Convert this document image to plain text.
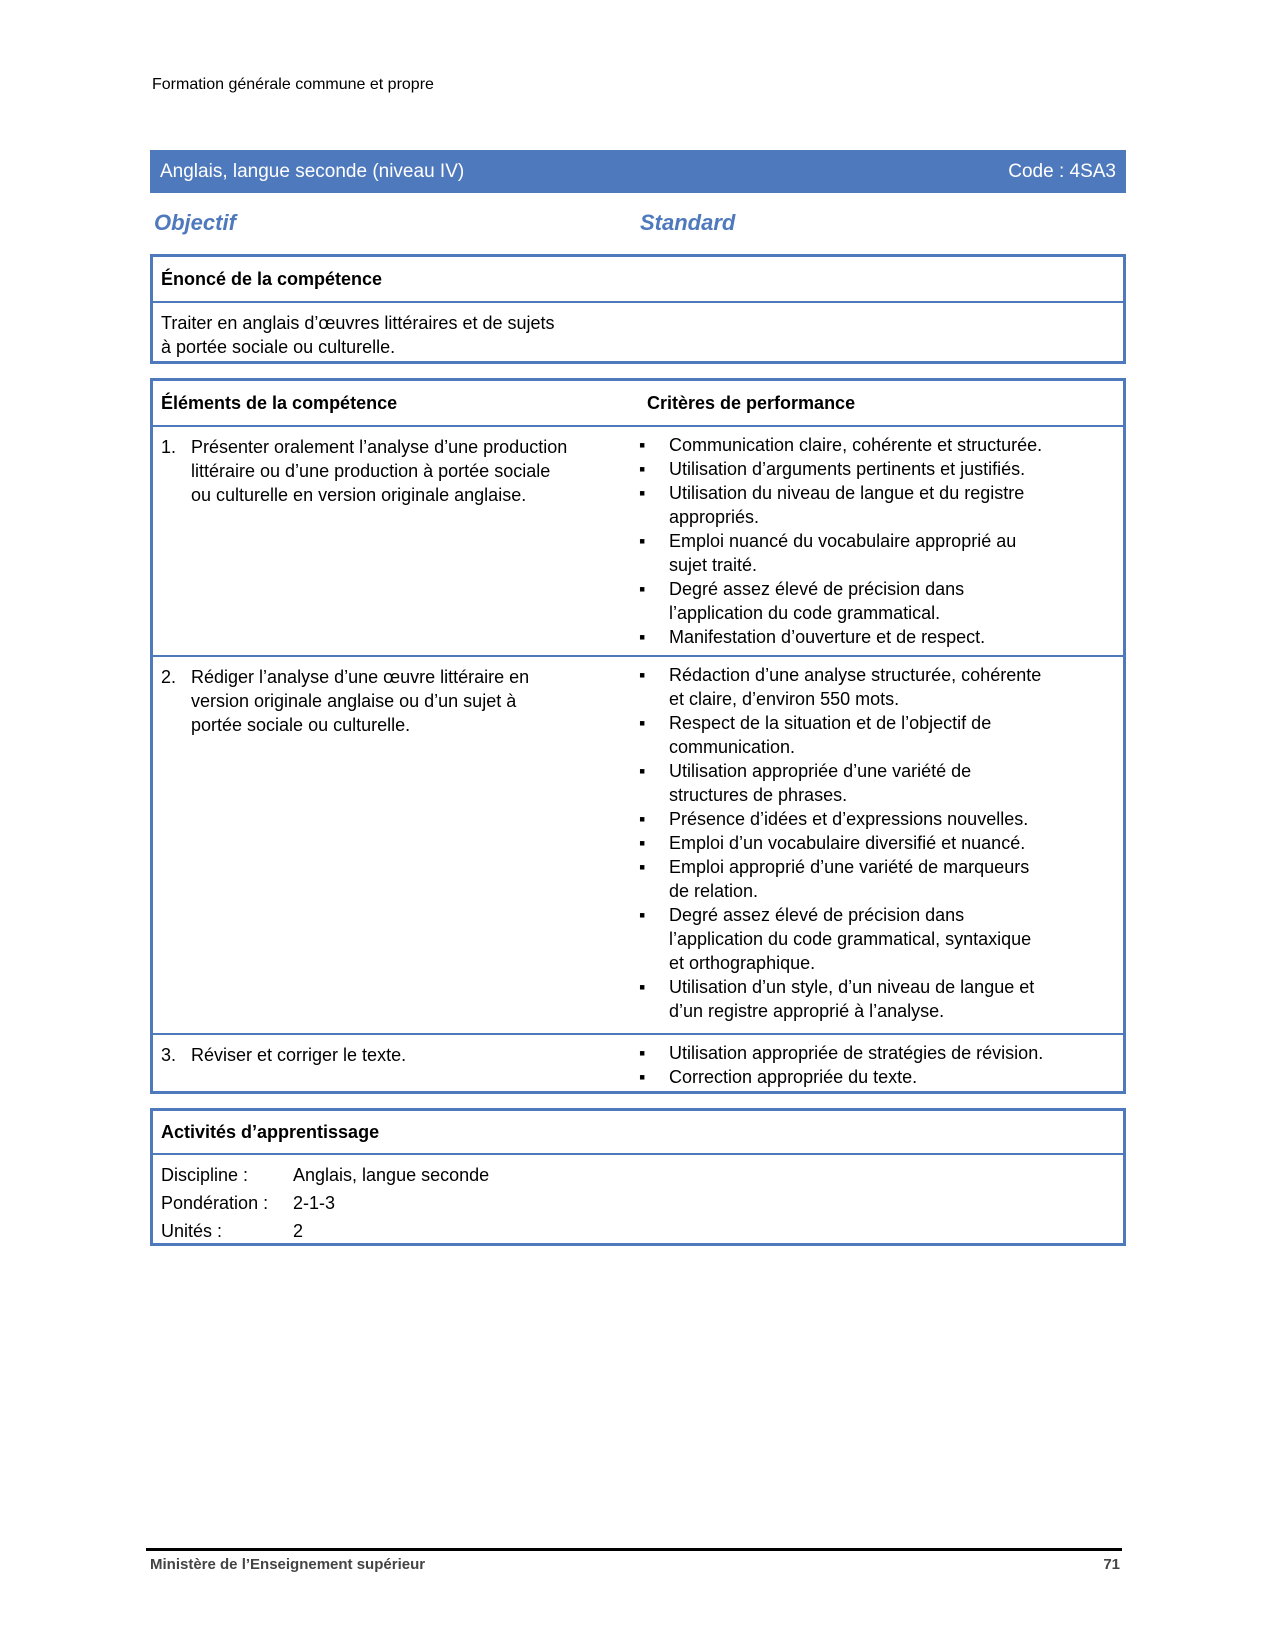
Formation générale commune et propre
Anglais, langue seconde (niveau IV)	Code : 4SA3
Objectif	Standard
Énoncé de la compétence
Traiter en anglais d’œuvres littéraires et de sujets
à portée sociale ou culturelle.
Éléments de la compétence	Critères de performance
1. Présenter oralement l’analyse d’une production
littéraire ou d’une production à portée sociale
ou culturelle en version originale anglaise.
▪	Communication claire, cohérente et structurée.
▪	Utilisation d’arguments pertinents et justifiés.
▪	Utilisation du niveau de langue et du registre
appropriés.
▪	Emploi nuancé du vocabulaire approprié au
sujet traité.
▪	Degré assez élevé de précision dans
l’application du code grammatical.
▪	Manifestation d’ouverture et de respect.
2. Rédiger l’analyse d’une œuvre littéraire en
version originale anglaise ou d’un sujet à
portée sociale ou culturelle.
▪	Rédaction d’une analyse structurée, cohérente
et claire, d’environ 550 mots.
▪	Respect de la situation et de l’objectif de
communication.
▪	Utilisation appropriée d’une variété de
structures de phrases.
▪	Présence d’idées et d’expressions nouvelles.
▪	Emploi d’un vocabulaire diversifié et nuancé.
▪	Emploi approprié d’une variété de marqueurs
de relation.
▪	Degré assez élevé de précision dans
l’application du code grammatical, syntaxique
et orthographique.
▪	Utilisation d’un style, d’un niveau de langue et
d’un registre approprié à l’analyse.
3. Réviser et corriger le texte.	▪	Utilisation appropriée de stratégies de révision.
▪	Correction appropriée du texte.
Activités d’apprentissage
Discipline :	Anglais, langue seconde
Pondération :	2-1-3
Unités :	2
Ministère de l’Enseignement supérieur	71
